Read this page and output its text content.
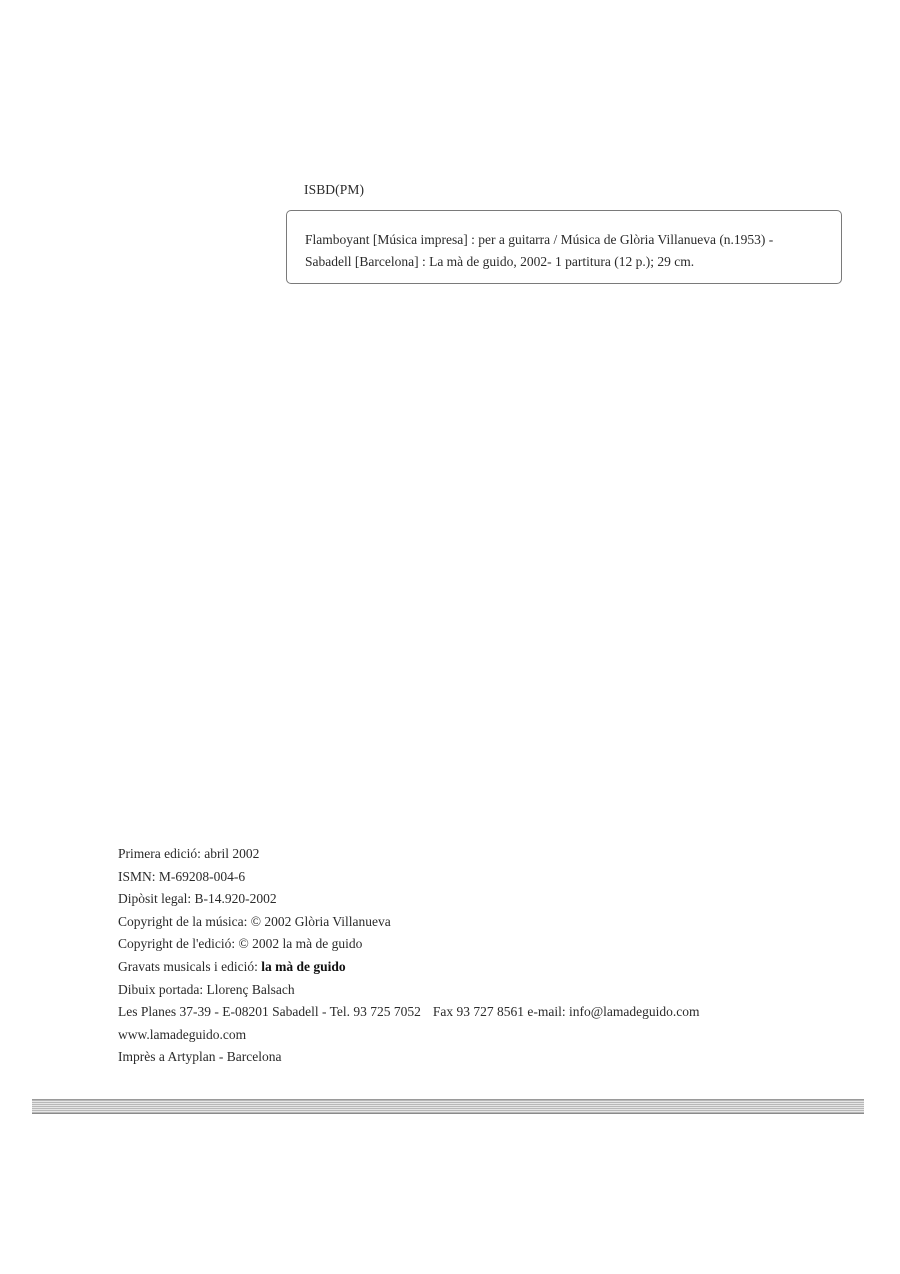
ISBD(PM)
Flamboyant [Música impresa] : per a guitarra / Música de Glòria Villanueva (n.1953) -
Sabadell [Barcelona] : La mà de guido, 2002- 1 partitura (12 p.); 29 cm.
Primera edició: abril 2002
ISMN: M-69208-004-6
Dipòsit legal: B-14.920-2002
Copyright de la música: © 2002 Glòria Villanueva
Copyright de l'edició: © 2002 la mà de guido
Gravats musicals i edició: la mà de guido
Dibuix portada: Llorenç Balsach
Les Planes 37-39 - E-08201 Sabadell - Tel. 93 725 7052 Fax 93 727 8561 e-mail: info@lamadeguido.com
www.lamadeguido.com
Imprès a Artyplan - Barcelona
